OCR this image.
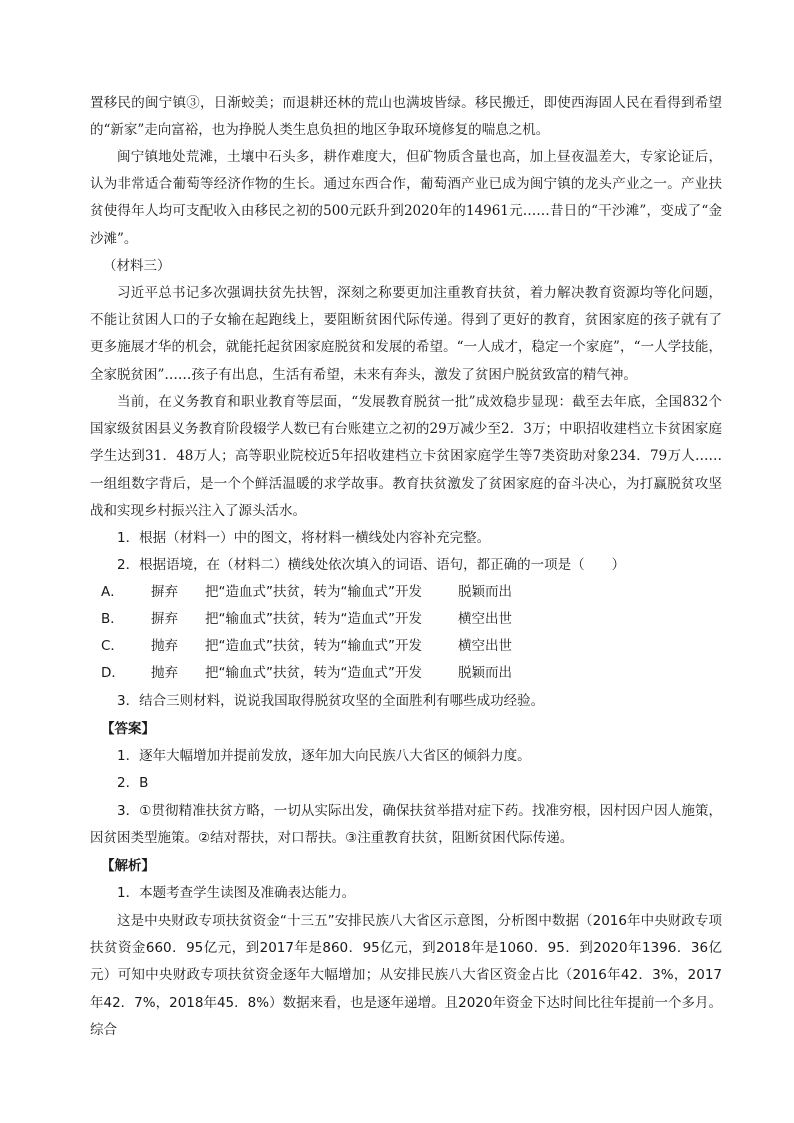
置移民的闽宁镇③，日渐蛟美；而退耕还林的荒山也满坡皆绿。移民搬迁，即使西海固人民在看得到希望的“新家”走向富裕，也为挣脱人类生息负担的地区争取环境修复的喘息之机。
闽宁镇地处荒滩，土壤中石头多，耕作难度大，但矿物质含量也高，加上昼夜温差大，专家论证后，认为非常适合葡萄等经济作物的生长。通过东西合作，葡萄酒产业已成为闽宁镇的龙头产业之一。产业扶贫使得年人均可支配收入由移民之初的500元跃升到2020年的14961元……昔日的“干沙滩”，变成了“金沙滩”。
（材料三）
习近平总书记多次强调扶贫先扶智，深刻之称要更加注重教育扶贫，着力解决教育资源均等化问题，不能让贫困人口的子女输在起跑线上，要阻断贫困代际传递。得到了更好的教育，贫困家庭的孩子就有了更多施展才华的机会，就能托起贫困家庭脱贫和发展的希望。“一人成才，稳定一个家庭”，“一人学技能，全家脱贫困”……孩子有出息，生活有希望，未来有奔头，激发了贫困户脱贫致富的精气神。
当前，在义务教育和职业教育等层面，“发展教育脱贫一批”成效稳步显现：截至去年底，全国832个国家级贫困县义务教育阶段辍学人数已有台账建立之初的29万减少至2．3万；中职招收建档立卡贫困家庭学生达到31．48万人；高等职业院校近5年招收建档立卡贫困家庭学生等7类资助对象234．79万人……一组组数字背后，是一个个鲜活温暖的求学故事。教育扶贫激发了贫困家庭的奋斗决心，为打赢脱贫攻坚战和实现乡村振兴注入了源头活水。
1．根据（材料一）中的图文，将材料一横线处内容补充完整。
2．根据语境，在（材料二）横线处依次填入的词语、语句，都正确的一项是（　　）
A． 摒弃 把“造血式”扶贫，转为“输血式”开发	脱颖而出
B． 摒弃 把“输血式”扶贫，转为“造血式”开发	横空出世
C． 抛弃 把“造血式”扶贫，转为“输血式”开发	横空出世
D． 抛弃 把“输血式”扶贫，转为“造血式”开发	脱颖而出
3．结合三则材料，说说我国取得脱贫攻坚的全面胜利有哪些成功经验。
【答案】
1．逐年大幅增加并提前发放，逐年加大向民族八大省区的倾斜力度。
2．B
3．①贯彻精准扶贫方略，一切从实际出发，确保扶贫举措对症下药。找准穷根，因村因户因人施策，因贫困类型施策。②结对帮扶，对口帮扶。③注重教育扶贫，阻断贫困代际传递。
【解析】
1．本题考查学生读图及准确表达能力。
这是中央财政专项扶贫资金“十三五”安排民族八大省区示意图，分析图中数据（2016年中央财政专项扶贫资金660．95亿元，到2017年是860．95亿元，到2018年是1060．95．到2020年1396．36亿元）可知中央财政专项扶贫资金逐年大幅增加；从安排民族八大省区资金占比（2016年42．3%，2017年42．7%，2018年45．8%）数据来看，也是逐年递增。且2020年资金下达时间比往年提前一个多月。综合
